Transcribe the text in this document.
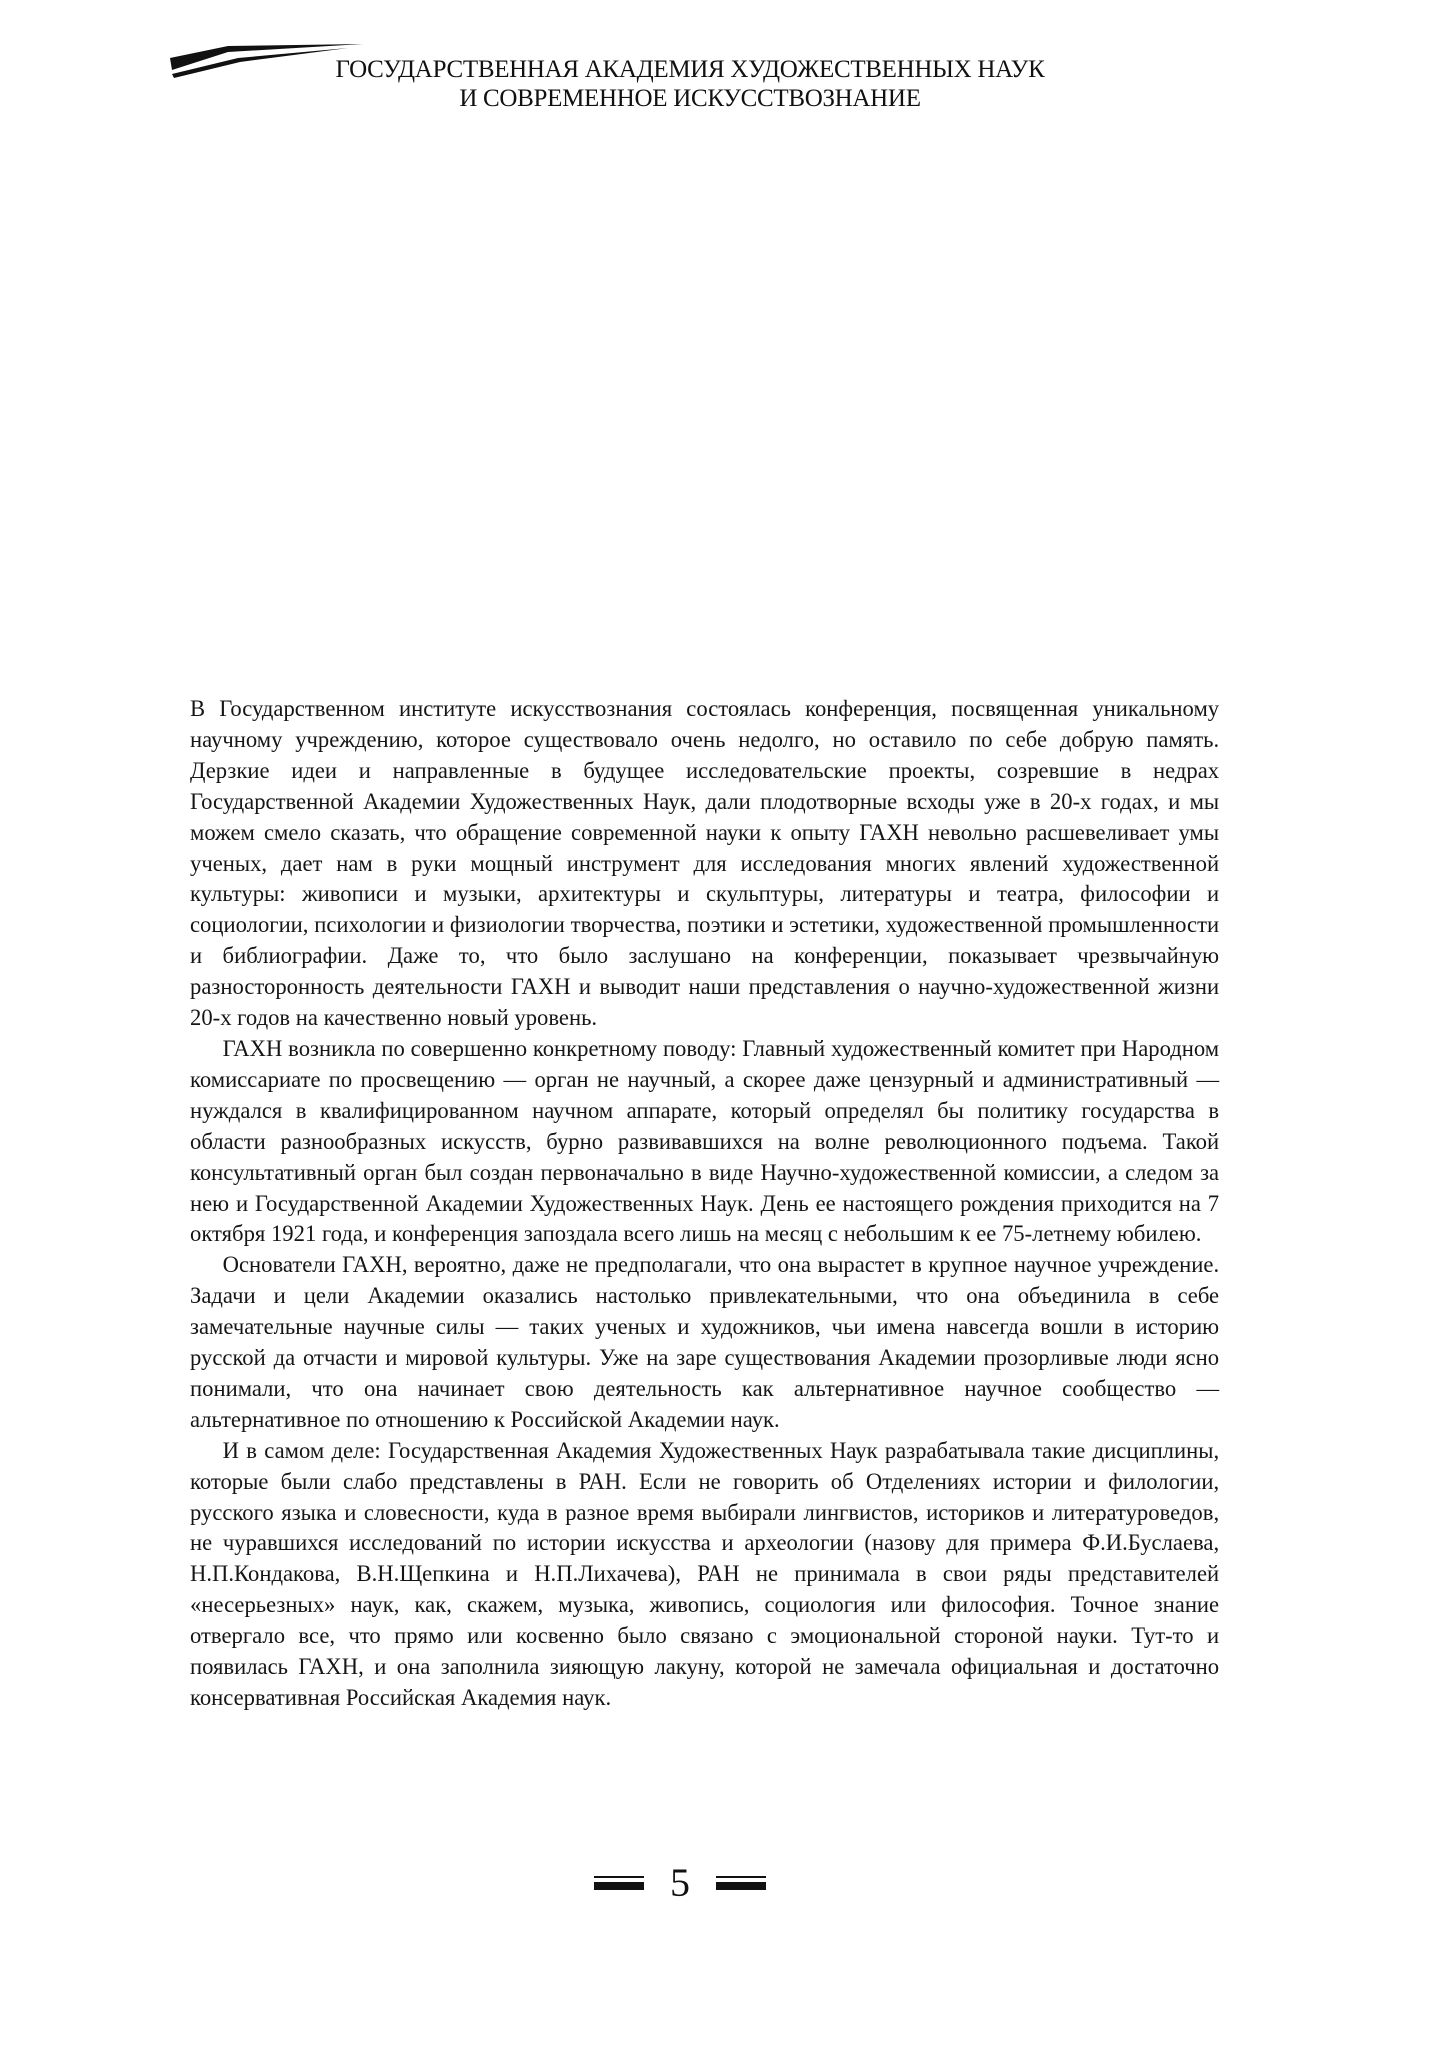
ГОСУДАРСТВЕННАЯ АКАДЕМИЯ ХУДОЖЕСТВЕННЫХ НАУК
И СОВРЕМЕННОЕ ИСКУССТВОЗНАНИЕ

В Государственном институте искусствознания состоялась конференция, посвященная уникальному научному учреждению, которое существовало очень недолго, но оставило по себе добрую память. Дерзкие идеи и направленные в будущее исследовательские проекты, созревшие в недрах Государственной Академии Художественных Наук, дали плодотворные всходы уже в 20-х годах, и мы можем смело сказать, что обращение современной науки к опыту ГАХН невольно расшевеливает умы ученых, дает нам в руки мощный инструмент для исследования многих явлений художественной культуры: живописи и музыки, архитектуры и скульптуры, литературы и театра, философии и социологии, психологии и физиологии творчества, поэтики и эстетики, художественной промышленности и библиографии. Даже то, что было заслушано на конференции, показывает чрезвычайную разносторонность деятельности ГАХН и выводит наши представления о научно-художественной жизни 20-х годов на качественно новый уровень.

ГАХН возникла по совершенно конкретному поводу: Главный художественный комитет при Народном комиссариате по просвещению — орган не научный, а скорее даже цензурный и административный — нуждался в квалифицированном научном аппарате, который определял бы политику государства в области разнообразных искусств, бурно развивавшихся на волне революционного подъема. Такой консультативный орган был создан первоначально в виде Научно-художественной комиссии, а следом за нею и Государственной Академии Художественных Наук. День ее настоящего рождения приходится на 7 октября 1921 года, и конференция запоздала всего лишь на месяц с небольшим к ее 75-летнему юбилею.

Основатели ГАХН, вероятно, даже не предполагали, что она вырастет в крупное научное учреждение. Задачи и цели Академии оказались настолько привлекательными, что она объединила в себе замечательные научные силы — таких ученых и художников, чьи имена навсегда вошли в историю русской да отчасти и мировой культуры. Уже на заре существования Академии прозорливые люди ясно понимали, что она начинает свою деятельность как альтернативное научное сообщество — альтернативное по отношению к Российской Академии наук.

И в самом деле: Государственная Академия Художественных Наук разрабатывала такие дисциплины, которые были слабо представлены в РАН. Если не говорить об Отделениях истории и филологии, русского языка и словесности, куда в разное время выбирали лингвистов, историков и литературоведов, не чуравшихся исследований по истории искусства и археологии (назову для примера Ф.И.Буслаева, Н.П.Кондакова, В.Н.Щепкина и Н.П.Лихачева), РАН не принимала в свои ряды представителей «несерьезных» наук, как, скажем, музыка, живопись, социология или философия. Точное знание отвергало все, что прямо или косвенно было связано с эмоциональной стороной науки. Тут-то и появилась ГАХН, и она заполнила зияющую лакуну, которой не замечала официальная и достаточно консервативная Российская Академия наук.

5
